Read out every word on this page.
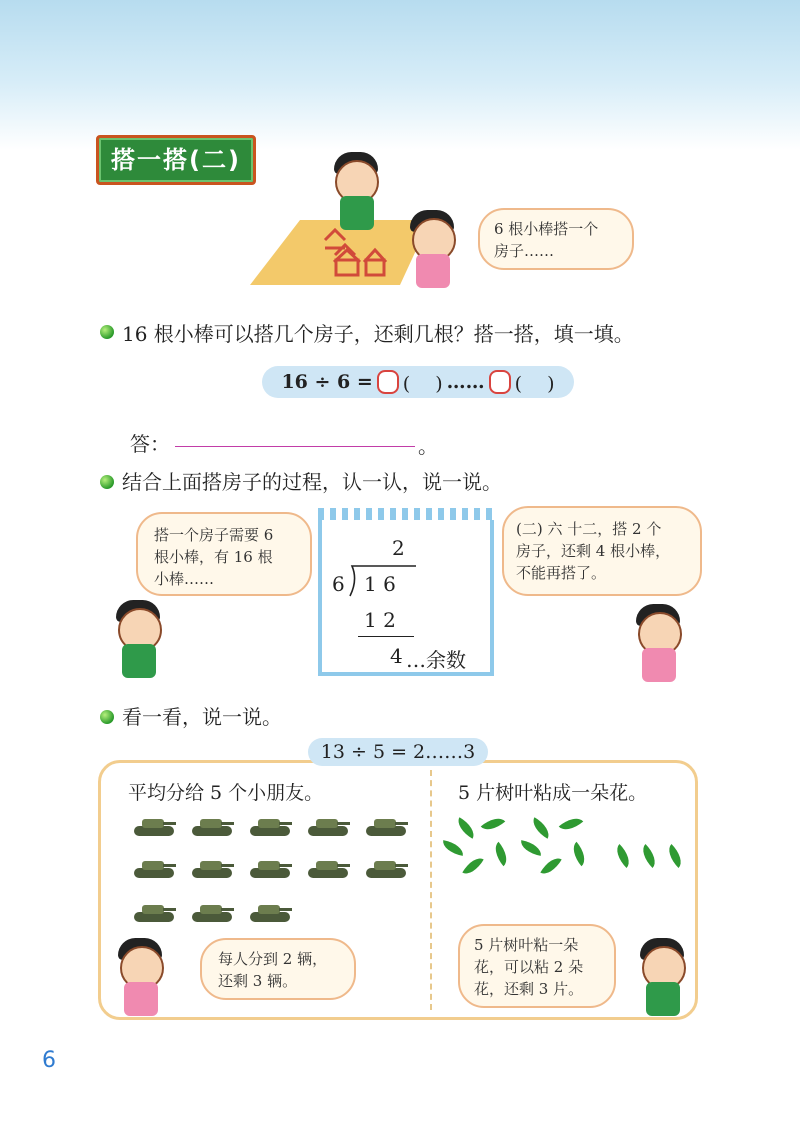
搭一搭(二)
6 根小棒搭一个
房子……
16 根小棒可以搭几个房子，还剩几根？搭一搭，填一填。
16 ÷ 6 = (　 ) …… (　 )
答：	。
结合上面搭房子的过程，认一认，说一说。
搭一个房子需要 6
根小棒，有 16 根
小棒……
(二) 六 十二，搭 2 个
房子，还剩 4 根小棒，
不能再搭了。
2
6 1 6
1 2
4 …余数
看一看，说一说。
13 ÷ 5 = 2……3
平均分给 5 个小朋友。	5 片树叶粘成一朵花。
每人分到 2 辆，
还剩 3 辆。
5 片树叶粘一朵
花，可以粘 2 朵
花，还剩 3 片。
6
